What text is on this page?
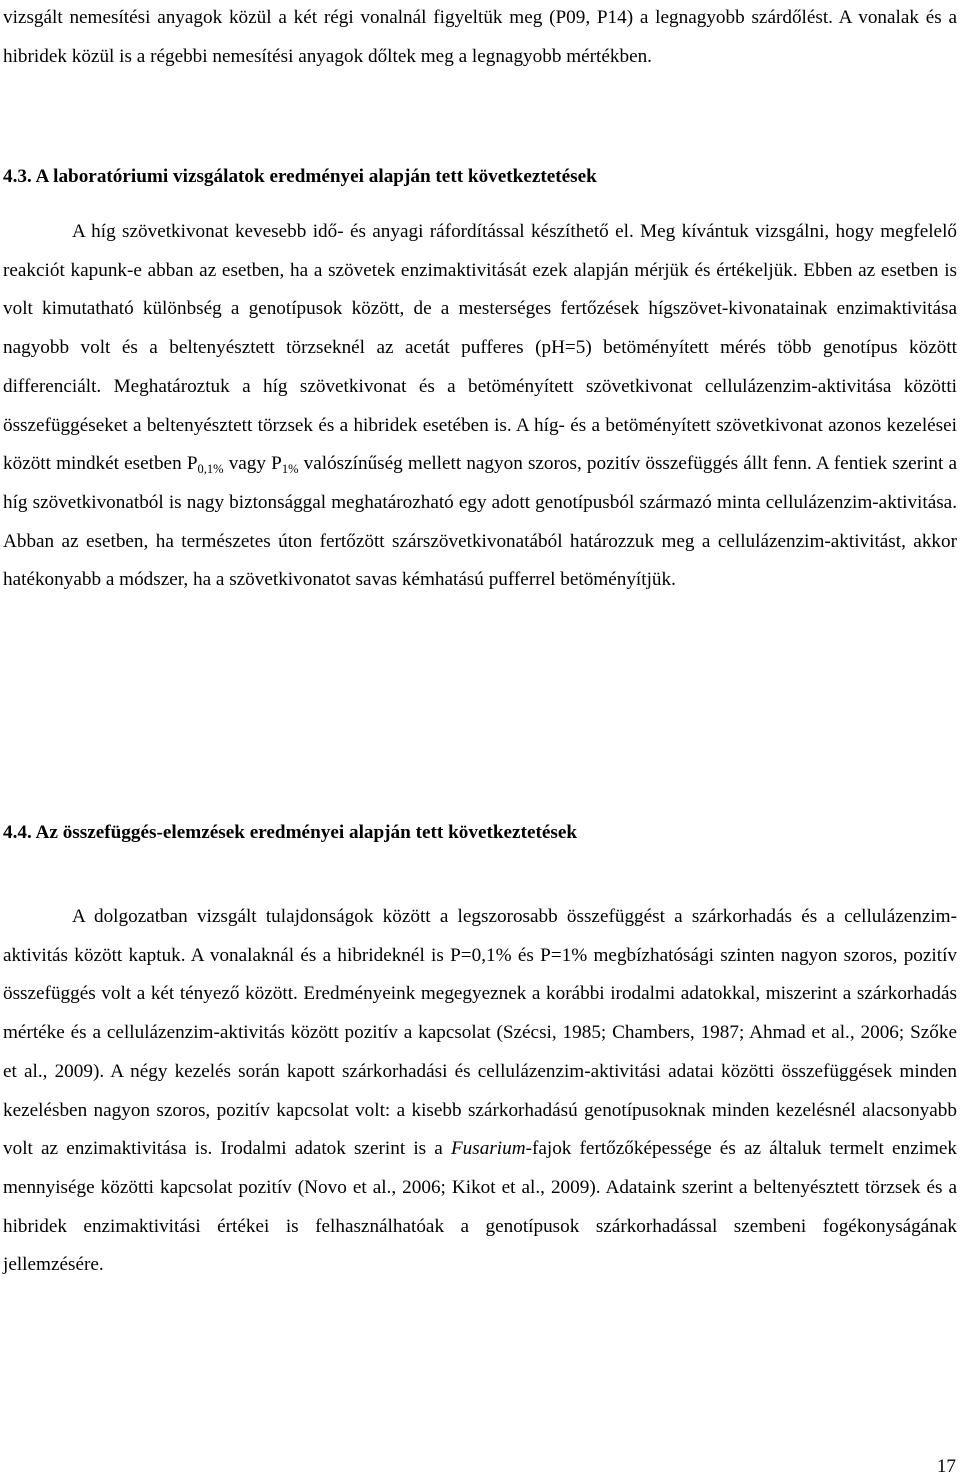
vizsgált nemesítési anyagok közül a két régi vonalnál figyeltük meg (P09, P14) a legnagyobb szárdőlést. A vonalak és a hibridek közül is a régebbi nemesítési anyagok dőltek meg a legnagyobb mértékben.

4.3. A laboratóriumi vizsgálatok eredményei alapján tett következtetések

A híg szövetkivonat kevesebb idő- és anyagi ráfordítással készíthető el. Meg kívántuk vizsgálni, hogy megfelelő reakciót kapunk-e abban az esetben, ha a szövetek enzimaktivitását ezek alapján mérjük és értékeljük. Ebben az esetben is volt kimutatható különbség a genotípusok között, de a mesterséges fertőzések hígszövet-kivonatainak enzimaktivitása nagyobb volt és a beltenyésztett törzseknél az acetát pufferes (pH=5) betöményített mérés több genotípus között differenciált. Meghatároztuk a híg szövetkivonat és a betöményített szövetkivonat cellulázenzim-aktivitása közötti összefüggéseket a beltenyésztett törzsek és a hibridek esetében is. A híg- és a betöményített szövetkivonat azonos kezelései között mindkét esetben $P_{0,1\%}$ vagy $P_{1\%}$ valószínűség mellett nagyon szoros, pozitív összefüggés állt fenn. A fentiek szerint a híg szövetkivonatból is nagy biztonsággal meghatározható egy adott genotípusból származó minta cellulázenzim-aktivitása. Abban az esetben, ha természetes úton fertőzött szárszövetkivonatából határozzuk meg a cellulázenzim-aktivitást, akkor hatékonyabb a módszer, ha a szövetkivonatot savas kémhatású pufferrel betöményítjük.

4.4. Az összefüggés-elemzések eredményei alapján tett következtetések

A dolgozatban vizsgált tulajdonságok között a legszorosabb összefüggést a szárkorhadás és a cellulázenzim-aktivitás között kaptuk. A vonalaknál és a hibrideknél is P=0,1% és P=1% megbízhatósági szinten nagyon szoros, pozitív összefüggés volt a két tényező között. Eredményeink megegyeznek a korábbi irodalmi adatokkal, miszerint a szárkorhadás mértéke és a cellulázenzim-aktivitás között pozitív a kapcsolat (Szécsi, 1985; Chambers, 1987; Ahmad et al., 2006; Szőke et al., 2009). A négy kezelés során kapott szárkorhadási és cellulázenzim-aktivitási adatai közötti összefüggések minden kezelésben nagyon szoros, pozitív kapcsolat volt: a kisebb szárkorhadású genotípusoknak minden kezelésnél alacsonyabb volt az enzimaktivitása is. Irodalmi adatok szerint is a Fusarium-fajok fertőzőképessége és az általuk termelt enzimek mennyisége közötti kapcsolat pozitív (Novo et al., 2006; Kikot et al., 2009). Adataink szerint a beltenyésztett törzsek és a hibridek enzimaktivitási értékei is felhasználhatóak a genotípusok szárkorhadással szembeni fogékonyságának jellemzésére.

17
